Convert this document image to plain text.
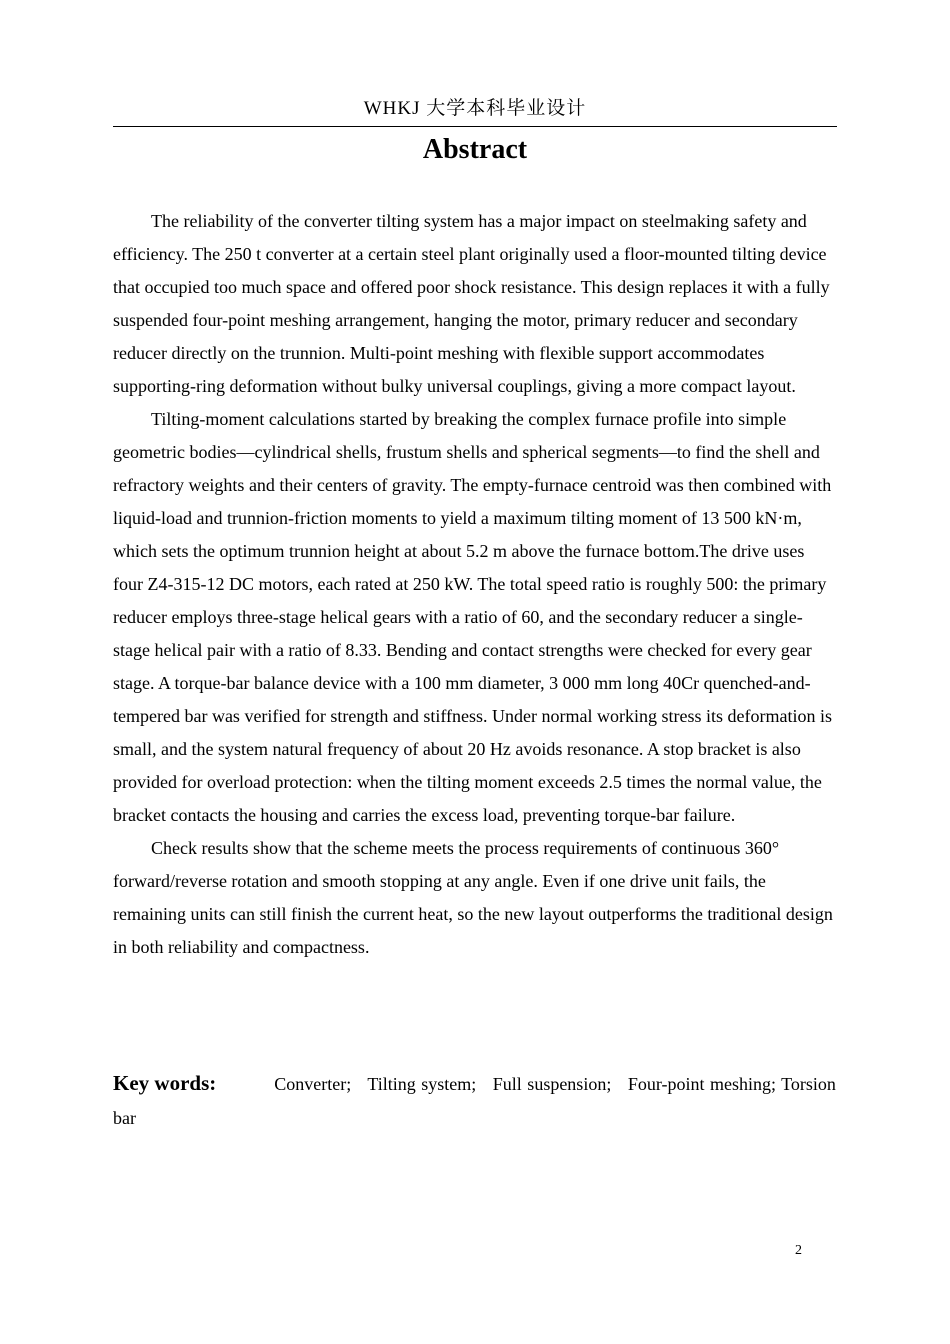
WHKJ 大学本科毕业设计
Abstract

The reliability of the converter tilting system has a major impact on steelmaking safety and efficiency. The 250 t converter at a certain steel plant originally used a floor-mounted tilting device that occupied too much space and offered poor shock resistance. This design replaces it with a fully suspended four-point meshing arrangement, hanging the motor, primary reducer and secondary reducer directly on the trunnion. Multi-point meshing with flexible support accommodates supporting-ring deformation without bulky universal couplings, giving a more compact layout.

Tilting-moment calculations started by breaking the complex furnace profile into simple geometric bodies—cylindrical shells, frustum shells and spherical segments—to find the shell and refractory weights and their centers of gravity. The empty-furnace centroid was then combined with liquid-load and trunnion-friction moments to yield a maximum tilting moment of 13 500 kN·m, which sets the optimum trunnion height at about 5.2 m above the furnace bottom.The drive uses four Z4-315-12 DC motors, each rated at 250 kW. The total speed ratio is roughly 500: the primary reducer employs three-stage helical gears with a ratio of 60, and the secondary reducer a single-stage helical pair with a ratio of 8.33. Bending and contact strengths were checked for every gear stage. A torque-bar balance device with a 100 mm diameter, 3 000 mm long 40Cr quenched-and-tempered bar was verified for strength and stiffness. Under normal working stress its deformation is small, and the system natural frequency of about 20 Hz avoids resonance. A stop bracket is also provided for overload protection: when the tilting moment exceeds 2.5 times the normal value, the bracket contacts the housing and carries the excess load, preventing torque-bar failure.

Check results show that the scheme meets the process requirements of continuous 360° forward/reverse rotation and smooth stopping at any angle. Even if one drive unit fails, the remaining units can still finish the current heat, so the new layout outperforms the traditional design in both reliability and compactness.

Key words:	Converter; Tilting system; Full suspension; Four-point meshing; Torsion bar
2
